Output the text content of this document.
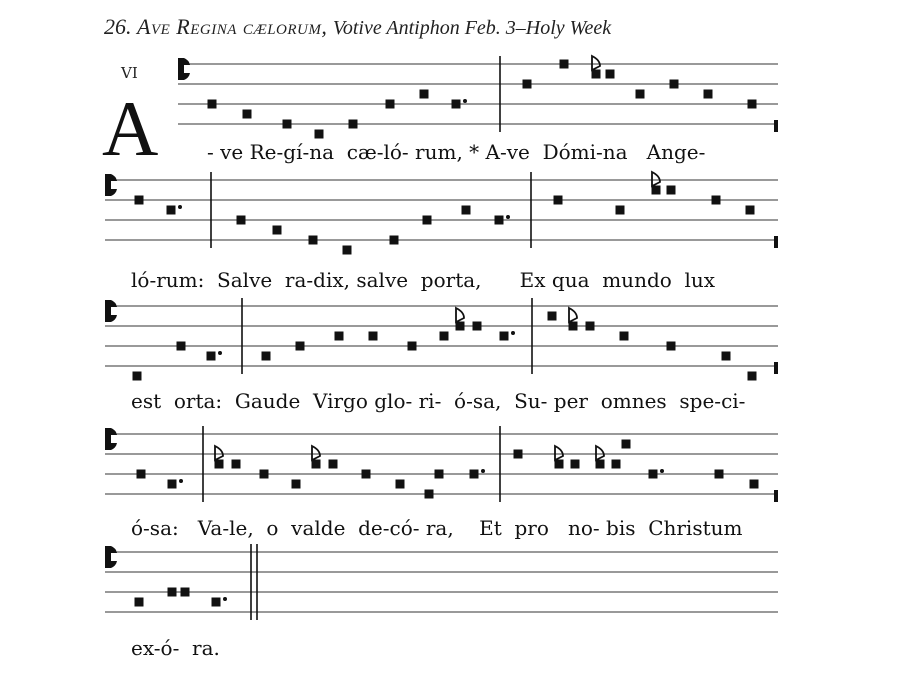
26. Ave Regina cælorum, Votive Antiphon Feb. 3–Holy Week
VI
A - ve Re-gí-na  cæ-ló- rum, * A-ve  Dómi-na   Ange-
ló-rum:  Salve  ra-dix, salve  porta,      Ex qua  mundo  lux
est  orta:  Gaude  Virgo glo- ri-  ó-sa,  Su- per  omnes  spe-ci-
ó-sa:   Va-le,  o  valde  de-có- ra,    Et  pro   no- bis  Christum
ex-ó-  ra.
